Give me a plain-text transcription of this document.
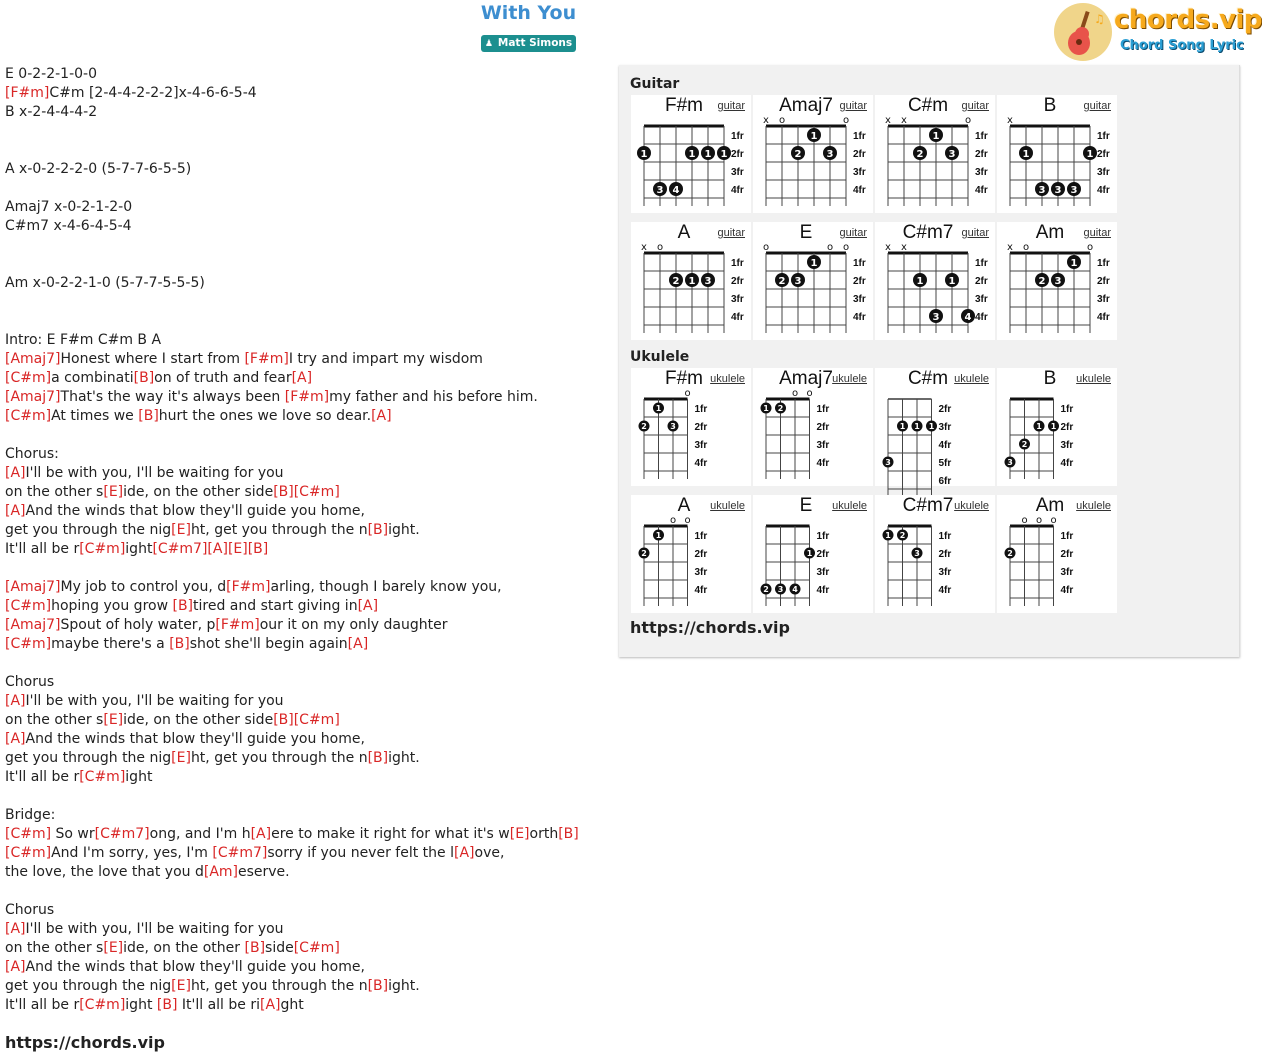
With You
♟ Matt Simons
♫ chords.vip
Chord Song Lyric
E 0-2-2-1-0-0
[F#m]C#m [2-4-4-2-2-2]x-4-6-6-5-4
B x-2-4-4-4-2
A x-0-2-2-2-0 (5-7-7-6-5-5)
Amaj7 x-0-2-1-2-0
C#m7 x-4-6-4-5-4
Am x-0-2-2-1-0 (5-7-7-5-5-5)
Intro: E F#m C#m B A
[Amaj7]Honest where I start from [F#m]I try and impart my wisdom
[C#m]a combinati[B]on of truth and fear[A]
[Amaj7]That's the way it's always been [F#m]my father and his before him.
[C#m]At times we [B]hurt the ones we love so dear.[A]
Chorus:
[A]I'll be with you, I'll be waiting for you
on the other s[E]ide, on the other side[B][C#m]
[A]And the winds that blow they'll guide you home,
get you through the nig[E]ht, get you through the n[B]ight.
It'll all be r[C#m]ight[C#m7][A][E][B]
[Amaj7]My job to control you, d[F#m]arling, though I barely know you,
[C#m]hoping you grow [B]tired and start giving in[A]
[Amaj7]Spout of holy water, p[F#m]our it on my only daughter
[C#m]maybe there's a [B]shot she'll begin again[A]
Chorus
[A]I'll be with you, I'll be waiting for you
on the other s[E]ide, on the other side[B][C#m]
[A]And the winds that blow they'll guide you home,
get you through the nig[E]ht, get you through the n[B]ight.
It'll all be r[C#m]ight
Bridge:
[C#m] So wr[C#m7]ong, and I'm h[A]ere to make it right for what it's w[E]orth[B]
[C#m]And I'm sorry, yes, I'm [C#m7]sorry if you never felt the l[A]ove,
the love, the love that you d[Am]eserve.
Chorus
[A]I'll be with you, I'll be waiting for you
on the other s[E]ide, on the other [B]side[C#m]
[A]And the winds that blow they'll guide you home,
get you through the nig[E]ht, get you through the n[B]ight.
It'll all be r[C#m]ight [B] It'll all be ri[A]ght
https://chords.vip
Guitar
Ukulele
F#m	guitar
1fr
2fr
3fr
4fr
1	1 1 1
3 4
Amaj7 guitar
1fr
2fr
3fr
4fr
x o	o
1
2	3
C#m	guitar
1fr
2fr
3fr
4fr
x x	o
1
2	3
B	guitar
1fr
2fr
3fr
4fr
x
1	1
3 3 3
A	guitar
1fr
2fr
3fr
4fr
x o
2 1 3
E	guitar
1fr
2fr
3fr
4fr
o	o o
1
2 3
C#m7 guitar
1fr
2fr
3fr
4fr
x x
1	1
3	4
Am	guitar
1fr
2fr
3fr
4fr
x o	o
1
2 3
F#m ukulele
1fr
2fr
3fr
4fr
o
1
2	3
Amaj7 ukulele
1fr
2fr
3fr
4fr
o o
1 2
C#m ukulele
2fr
3fr
4fr
5fr
6fr
1 1 1
3
B	ukulele
1fr
2fr
3fr
4fr
1 1
2
3
A	ukulele
1fr
2fr
3fr
4fr
o o
1
2
E	ukulele
1fr
2fr
3fr
4fr
1
2 3 4
C#m7 ukulele
1fr
2fr
3fr
4fr
1 2
3
Am	ukulele
1fr
2fr
3fr
4fr
o o o
2
https://chords.vip
